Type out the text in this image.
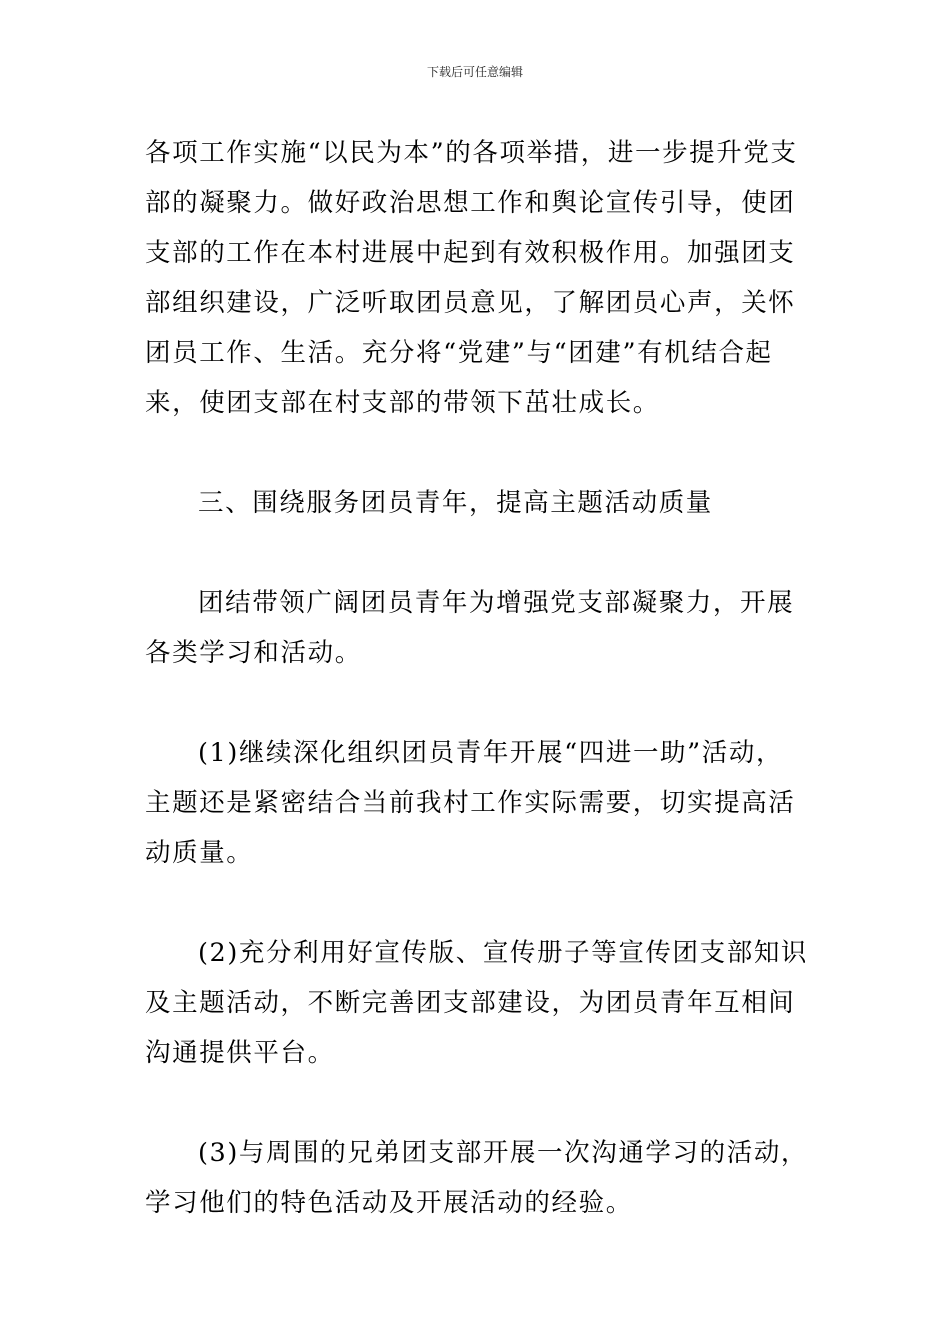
下载后可任意编辑

各项工作实施“以民为本”的各项举措，进一步提升党支部的凝聚力。做好政治思想工作和舆论宣传引导，使团支部的工作在本村进展中起到有效积极作用。加强团支部组织建设，广泛听取团员意见，了解团员心声，关怀团员工作、生活。充分将“党建”与“团建”有机结合起来，使团支部在村支部的带领下茁壮成长。

三、围绕服务团员青年，提高主题活动质量

团结带领广阔团员青年为增强党支部凝聚力，开展各类学习和活动。

(1)继续深化组织团员青年开展“四进一助”活动，主题还是紧密结合当前我村工作实际需要，切实提高活动质量。

(2)充分利用好宣传版、宣传册子等宣传团支部知识及主题活动，不断完善团支部建设，为团员青年互相间沟通提供平台。

(3)与周围的兄弟团支部开展一次沟通学习的活动，学习他们的特色活动及开展活动的经验。
